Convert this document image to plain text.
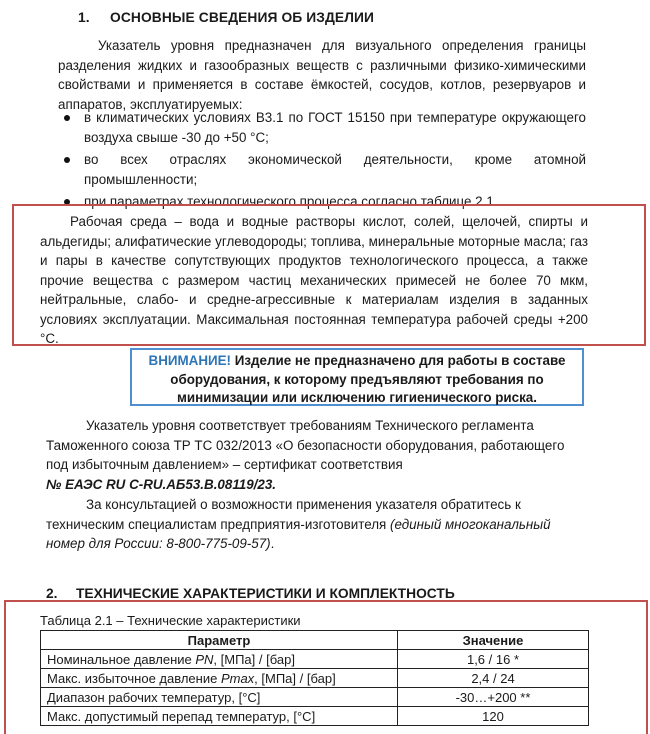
1. ОСНОВНЫЕ СВЕДЕНИЯ ОБ ИЗДЕЛИИ
Указатель уровня предназначен для визуального определения границы разделения жидких и газообразных веществ с различными физико-химическими свойствами и применяется в составе ёмкостей, сосудов, котлов, резервуаров и аппаратов, эксплуатируемых:
в климатических условиях В3.1 по ГОСТ 15150 при температуре окружающего воздуха свыше -30 до +50 °С;
во всех отраслях экономической деятельности, кроме атомной промышленности;
при параметрах технологического процесса согласно таблице 2.1.
Рабочая среда – вода и водные растворы кислот, солей, щелочей, спирты и альдегиды; алифатические углеводороды; топлива, минеральные моторные масла; газ и пары в качестве сопутствующих продуктов технологического процесса, а также прочие вещества с размером частиц механических примесей не более 70 мкм, нейтральные, слабо- и средне-агрессивные к материалам изделия в заданных условиях эксплуатации. Максимальная постоянная температура рабочей среды +200 °С.
ВНИМАНИЕ! Изделие не предназначено для работы в составе оборудования, к которому предъявляют требования по минимизации или исключению гигиенического риска.
Указатель уровня соответствует требованиям Технического регламента Таможенного союза ТР ТС 032/2013 «О безопасности оборудования, работающего под избыточным давлением» – сертификат соответствия
№ ЕАЭС RU С-RU.АБ53.В.08119/23.
За консультацией о возможности применения указателя обратитесь к техническим специалистам предприятия-изготовителя (единый многоканальный номер для России: 8-800-775-09-57).
2. ТЕХНИЧЕСКИЕ ХАРАКТЕРИСТИКИ И КОМПЛЕКТНОСТЬ
Таблица 2.1 – Технические характеристики
Параметр	Значение
Номинальное давление PN, [МПа] / [бар]	1,6 / 16 *
Макс. избыточное давление Pmax, [МПа] / [бар]	2,4 / 24
Диапазон рабочих температур, [°С]	-30…+200 **
Макс. допустимый перепад температур, [°С]	120
